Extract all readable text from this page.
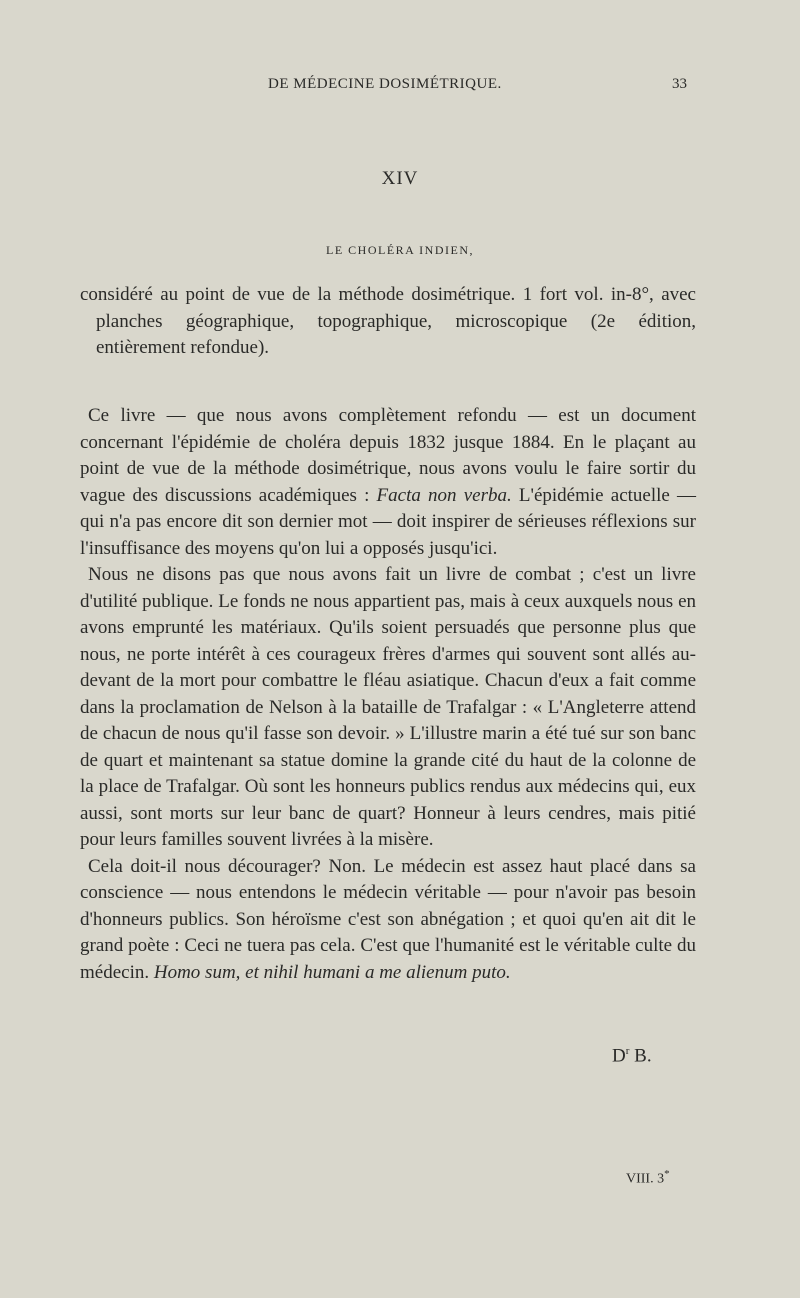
DE MÉDECINE DOSIMÉTRIQUE.	33
XIV
LE CHOLÉRA INDIEN,

considéré au point de vue de la méthode dosimétrique. 1 fort vol. in-8°, avec planches géographique, topographique, microscopique (2e édition, entièrement refondue).

Ce livre — que nous avons complètement refondu — est un document concernant l'épidémie de choléra depuis 1832 jusque 1884. En le plaçant au point de vue de la méthode dosimétrique, nous avons voulu le faire sortir du vague des discussions académiques : Facta non verba. L'épidémie actuelle — qui n'a pas encore dit son dernier mot — doit inspirer de sérieuses réflexions sur l'insuffisance des moyens qu'on lui a opposés jusqu'ici.

Nous ne disons pas que nous avons fait un livre de combat ; c'est un livre d'utilité publique. Le fonds ne nous appartient pas, mais à ceux auxquels nous en avons emprunté les matériaux. Qu'ils soient persuadés que personne plus que nous, ne porte intérêt à ces courageux frères d'armes qui souvent sont allés au-devant de la mort pour combattre le fléau asiatique. Chacun d'eux a fait comme dans la proclamation de Nelson à la bataille de Trafalgar : « L'Angleterre attend de chacun de nous qu'il fasse son devoir. » L'illustre marin a été tué sur son banc de quart et maintenant sa statue domine la grande cité du haut de la colonne de la place de Trafalgar. Où sont les honneurs publics rendus aux médecins qui, eux aussi, sont morts sur leur banc de quart? Honneur à leurs cendres, mais pitié pour leurs familles souvent livrées à la misère.

Cela doit-il nous décourager? Non. Le médecin est assez haut placé dans sa conscience — nous entendons le médecin véritable — pour n'avoir pas besoin d'honneurs publics. Son héroïsme c'est son abnégation ; et quoi qu'en ait dit le grand poète : Ceci ne tuera pas cela. C'est que l'humanité est le véritable culte du médecin. Homo sum, et nihil humani a me alienum puto.

$D^r$ B.
VIII. 3*
